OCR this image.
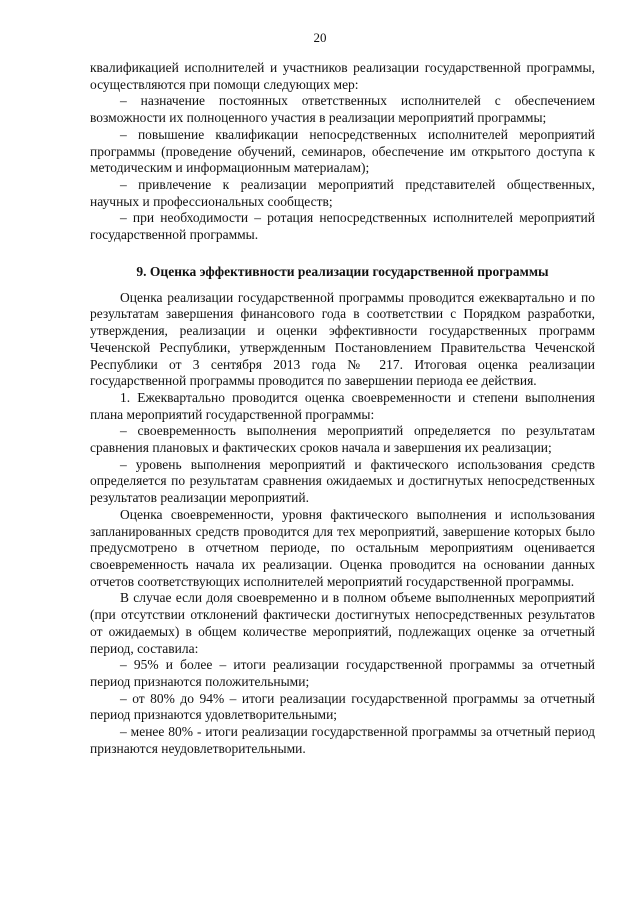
20

квалификацией исполнителей и участников реализации государственной программы, осуществляются при помощи следующих мер:

– назначение постоянных ответственных исполнителей с обеспечением возможности их полноценного участия в реализации мероприятий программы;

– повышение квалификации непосредственных исполнителей мероприятий программы (проведение обучений, семинаров, обеспечение им открытого доступа к методическим и информационным материалам);

– привлечение к реализации мероприятий представителей общественных, научных и профессиональных сообществ;

– при необходимости – ротация непосредственных исполнителей мероприятий государственной программы.

9. Оценка эффективности реализации государственной программы

Оценка реализации государственной программы проводится ежеквартально и по результатам завершения финансового года в соответствии с Порядком разработки, утверждения, реализации и оценки эффективности государственных программ Чеченской Республики, утвержденным Постановлением Правительства Чеченской Республики от 3 сентября 2013 года № 217. Итоговая оценка реализации государственной программы проводится по завершении периода ее действия.

1. Ежеквартально проводится оценка своевременности и степени выполнения плана мероприятий государственной программы:

– своевременность выполнения мероприятий определяется по результатам сравнения плановых и фактических сроков начала и завершения их реализации;

– уровень выполнения мероприятий и фактического использования средств определяется по результатам сравнения ожидаемых и достигнутых непосредственных результатов реализации мероприятий.

Оценка своевременности, уровня фактического выполнения и использования запланированных средств проводится для тех мероприятий, завершение которых было предусмотрено в отчетном периоде, по остальным мероприятиям оценивается своевременность начала их реализации. Оценка проводится на основании данных отчетов соответствующих исполнителей мероприятий государственной программы.

В случае если доля своевременно и в полном объеме выполненных мероприятий (при отсутствии отклонений фактически достигнутых непосредственных результатов от ожидаемых) в общем количестве мероприятий, подлежащих оценке за отчетный период, составила:

– 95% и более – итоги реализации государственной программы за отчетный период признаются положительными;

– от 80% до 94% – итоги реализации государственной программы за отчетный период признаются удовлетворительными;

– менее 80% - итоги реализации государственной программы за отчетный период признаются неудовлетворительными.
